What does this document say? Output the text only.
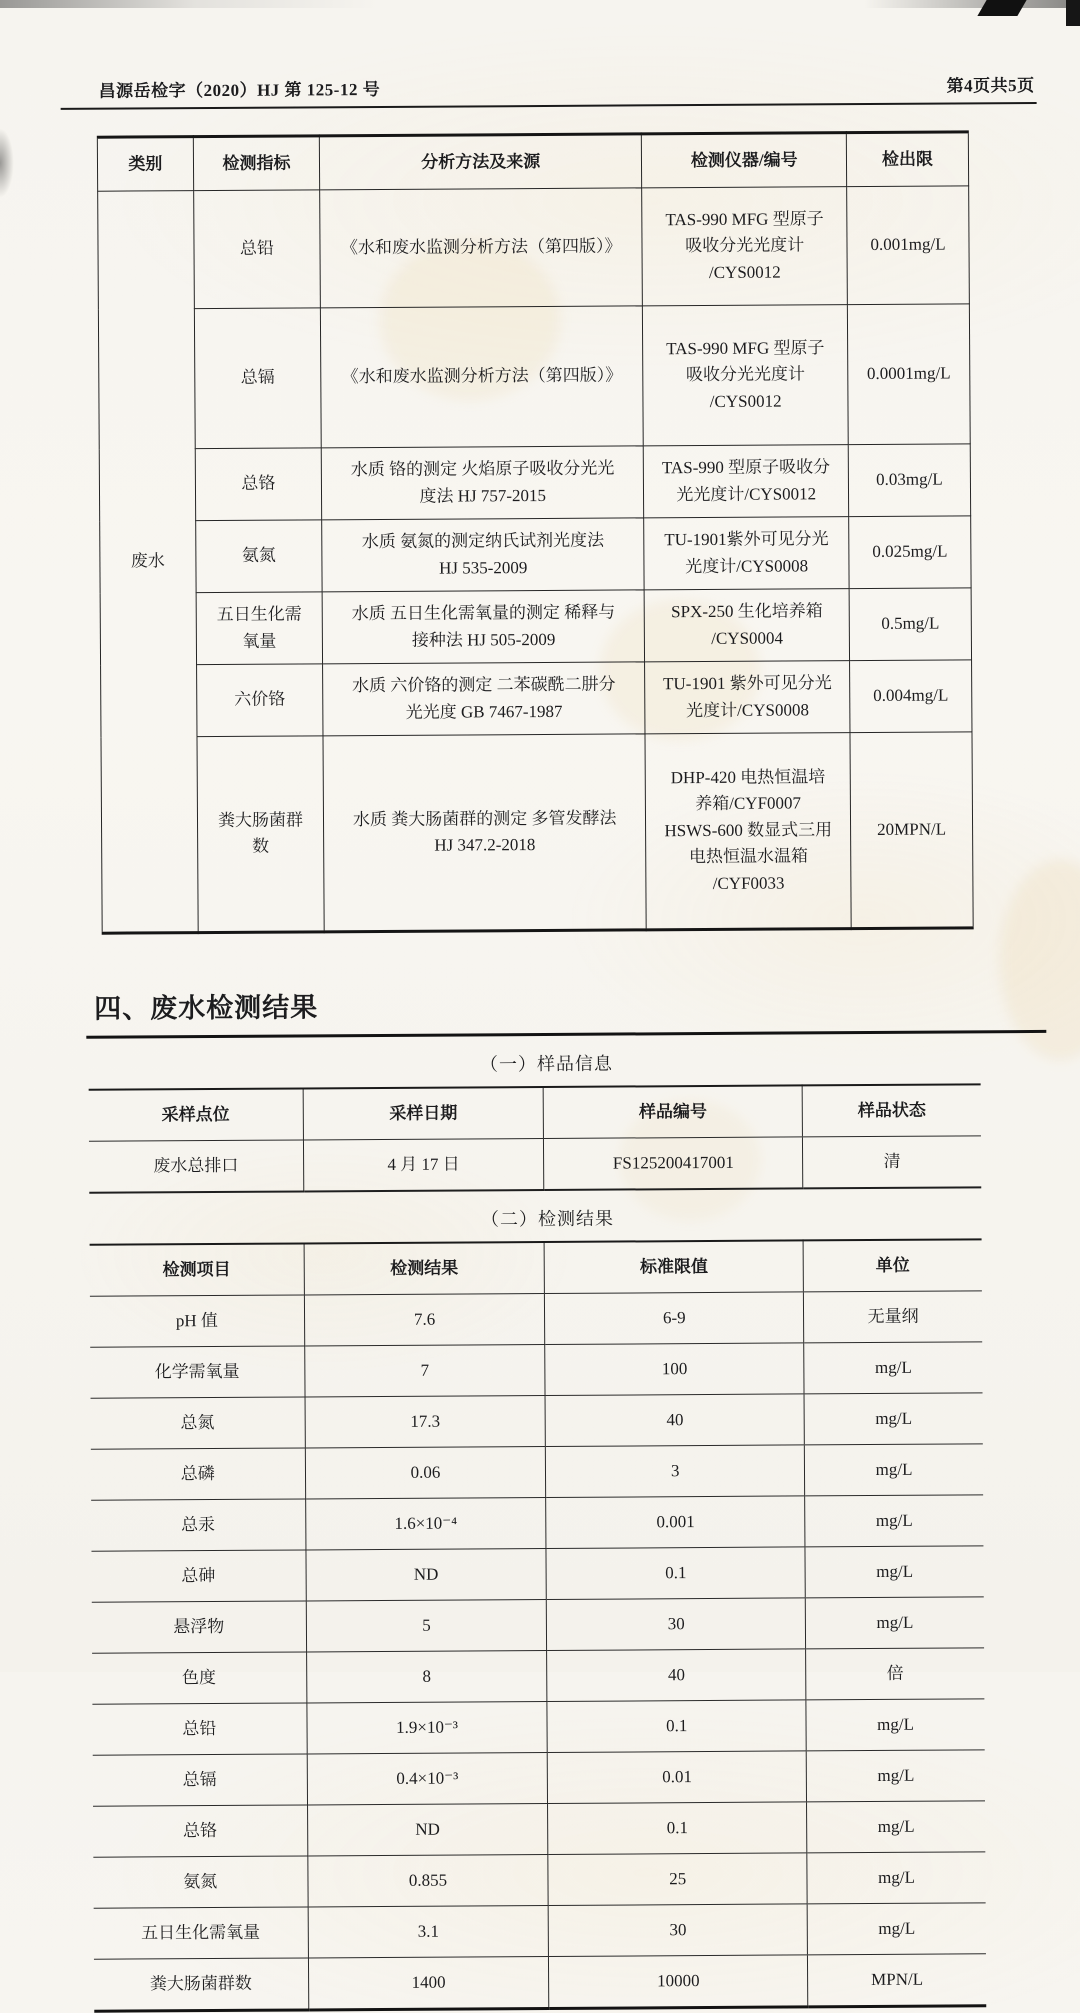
昌源岳检字（2020）HJ 第 125-12 号	第4页共5页
类别	检测指标	分析方法及来源	检测仪器/编号	检出限
废水	总铅	《水和废水监测分析方法（第四版）》	TAS-990 MFG 型原子
吸收分光光度计
/CYS0012	0.001mg/L
	总镉	《水和废水监测分析方法（第四版）》	TAS-990 MFG 型原子
吸收分光光度计
/CYS0012	0.0001mg/L
	总铬	水质 铬的测定 火焰原子吸收分光光
度法 HJ 757-2015	TAS-990 型原子吸收分
光光度计/CYS0012	0.03mg/L
	氨氮	水质 氨氮的测定纳氏试剂光度法
HJ 535-2009	TU-1901紫外可见分光
光度计/CYS0008	0.025mg/L
	五日生化需
氧量	水质 五日生化需氧量的测定 稀释与
接种法 HJ 505-2009	SPX-250 生化培养箱
/CYS0004	0.5mg/L
	六价铬	水质 六价铬的测定 二苯碳酰二肼分
光光度 GB 7467-1987	TU-1901 紫外可见分光
光度计/CYS0008	0.004mg/L
	粪大肠菌群
数	水质 粪大肠菌群的测定 多管发酵法
HJ 347.2-2018	DHP-420 电热恒温培
养箱/CYF0007
HSWS-600 数显式三用
电热恒温水温箱
/CYF0033	20MPN/L
四、废水检测结果
（一）样品信息
采样点位	采样日期	样品编号	样品状态
废水总排口	4 月 17 日	FS125200417001	清
（二）检测结果
检测项目	检测结果	标准限值	单位
pH 值	7.6	6-9	无量纲
化学需氧量	7	100	mg/L
总氮	17.3	40	mg/L
总磷	0.06	3	mg/L
总汞	1.6×10⁻⁴	0.001	mg/L
总砷	ND	0.1	mg/L
悬浮物	5	30	mg/L
色度	8	40	倍
总铅	1.9×10⁻³	0.1	mg/L
总镉	0.4×10⁻³	0.01	mg/L
总铬	ND	0.1	mg/L
氨氮	0.855	25	mg/L
五日生化需氧量	3.1	30	mg/L
粪大肠菌群数	1400	10000	MPN/L
